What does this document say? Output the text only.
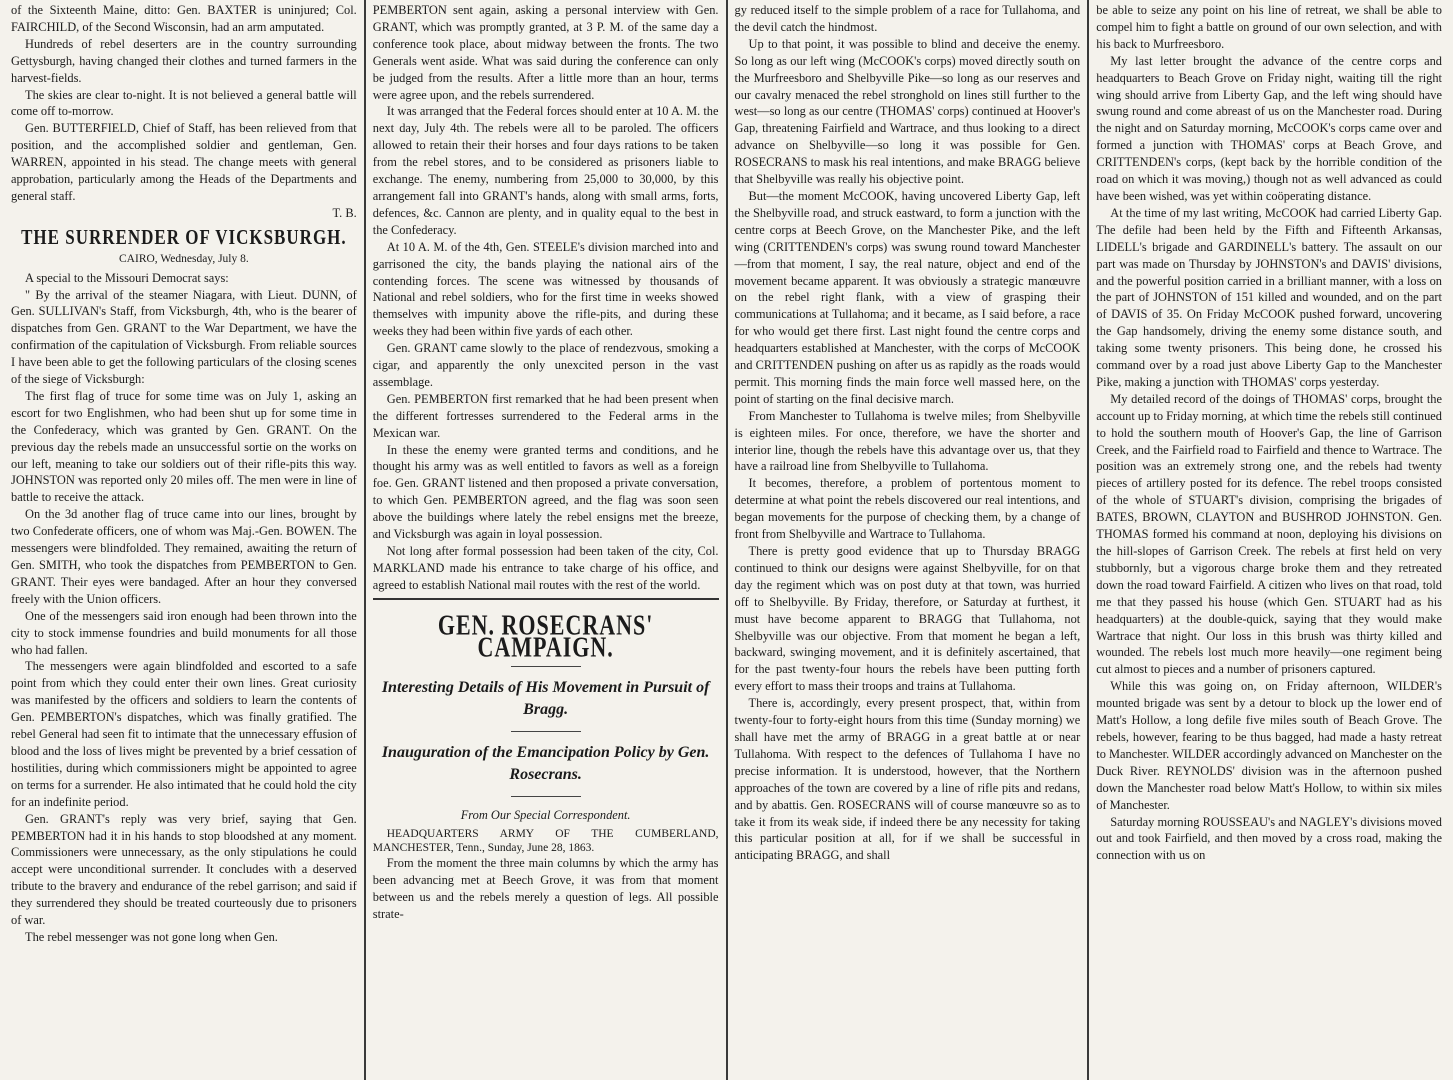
of the Sixteenth Maine, ditto: Gen. BAXTER is uninjured; Col. FAIRCHILD, of the Second Wisconsin, had an arm amputated.

Hundreds of rebel deserters are in the country surrounding Gettysburgh, having changed their clothes and turned farmers in the harvest-fields.

The skies are clear to-night. It is not believed a general battle will come off to-morrow.

Gen. BUTTERFIELD, Chief of Staff, has been relieved from that position, and the accomplished soldier and gentleman, Gen. WARREN, appointed in his stead. The change meets with general approbation, particularly among the Heads of the Departments and general staff.

T. B.

THE SURRENDER OF VICKSBURGH.
CAIRO, Wednesday, July 8.

A special to the Missouri Democrat says:

" By the arrival of the steamer Niagara, with Lieut. DUNN, of Gen. SULLIVAN's Staff, from Vicksburgh, 4th, who is the bearer of dispatches from Gen. GRANT to the War Department, we have the confirmation of the capitulation of Vicksburgh. From reliable sources I have been able to get the following particulars of the closing scenes of the siege of Vicksburgh:

The first flag of truce for some time was on July 1, asking an escort for two Englishmen, who had been shut up for some time in the Confederacy, which was granted by Gen. GRANT. On the previous day the rebels made an unsuccessful sortie on the works on our left, meaning to take our soldiers out of their rifle-pits this way. JOHNSTON was reported only 20 miles off. The men were in line of battle to receive the attack.

On the 3d another flag of truce came into our lines, brought by two Confederate officers, one of whom was Maj.-Gen. BOWEN. The messengers were blindfolded. They remained, awaiting the return of Gen. SMITH, who took the dispatches from PEMBERTON to Gen. GRANT. Their eyes were bandaged. After an hour they conversed freely with the Union officers.

One of the messengers said iron enough had been thrown into the city to stock immense foundries and build monuments for all those who had fallen.

The messengers were again blindfolded and escorted to a safe point from which they could enter their own lines. Great curiosity was manifested by the officers and soldiers to learn the contents of Gen. PEMBERTON's dispatches, which was finally gratified. The rebel General had seen fit to intimate that the unnecessary effusion of blood and the loss of lives might be prevented by a brief cessation of hostilities, during which commissioners might be appointed to agree on terms for a surrender. He also intimated that he could hold the city for an indefinite period.

Gen. GRANT's reply was very brief, saying that Gen. PEMBERTON had it in his hands to stop bloodshed at any moment. Commissioners were unnecessary, as the only stipulations he could accept were unconditional surrender. It concludes with a deserved tribute to the bravery and endurance of the rebel garrison; and said if they surrendered they should be treated courteously due to prisoners of war.

The rebel messenger was not gone long when Gen.

PEMBERTON sent again, asking a personal interview with Gen. GRANT, which was promptly granted, at 3 P. M. of the same day a conference took place, about midway between the fronts. The two Generals went aside. What was said during the conference can only be judged from the results. After a little more than an hour, terms were agree upon, and the rebels surrendered.

It was arranged that the Federal forces should enter at 10 A. M. the next day, July 4th. The rebels were all to be paroled. The officers allowed to retain their their horses and four days rations to be taken from the rebel stores, and to be considered as prisoners liable to exchange. The enemy, numbering from 25,000 to 30,000, by this arrangement fall into GRANT's hands, along with small arms, forts, defences, &c. Cannon are plenty, and in quality equal to the best in the Confederacy.

At 10 A. M. of the 4th, Gen. STEELE's division marched into and garrisoned the city, the bands playing the national airs of the contending forces. The scene was witnessed by thousands of National and rebel soldiers, who for the first time in weeks showed themselves with impunity above the rifle-pits, and during these weeks they had been within five yards of each other.

Gen. GRANT came slowly to the place of rendezvous, smoking a cigar, and apparently the only unexcited person in the vast assemblage.

Gen. PEMBERTON first remarked that he had been present when the different fortresses surrendered to the Federal arms in the Mexican war.

In these the enemy were granted terms and conditions, and he thought his army was as well entitled to favors as well as a foreign foe. Gen. GRANT listened and then proposed a private conversation, to which Gen. PEMBERTON agreed, and the flag was soon seen above the buildings where lately the rebel ensigns met the breeze, and Vicksburgh was again in loyal possession.

Not long after formal possession had been taken of the city, Col. MARKLAND made his entrance to take charge of his office, and agreed to establish National mail routes with the rest of the world.

GEN. ROSECRANS' CAMPAIGN.
Interesting Details of His Movement in Pursuit of Bragg.
Inauguration of the Emancipation Policy by Gen. Rosecrans.
From Our Special Correspondent.

HEADQUARTERS ARMY OF THE CUMBERLAND, MANCHESTER, Tenn., Sunday, June 28, 1863.

From the moment the three main columns by which the army has been advancing met at Beech Grove, it was from that moment between us and the rebels merely a question of legs. All possible strate-

gy reduced itself to the simple problem of a race for Tullahoma, and the devil catch the hindmost.

Up to that point, it was possible to blind and deceive the enemy. So long as our left wing (McCOOK's corps) moved directly south on the Murfreesboro and Shelbyville Pike—so long as our reserves and our cavalry menaced the rebel stronghold on lines still further to the west—so long as our centre (THOMAS' corps) continued at Hoover's Gap, threatening Fairfield and Wartrace, and thus looking to a direct advance on Shelbyville—so long it was possible for Gen. ROSECRANS to mask his real intentions, and make BRAGG believe that Shelbyville was really his objective point.

But—the moment McCOOK, having uncovered Liberty Gap, left the Shelbyville road, and struck eastward, to form a junction with the centre corps at Beech Grove, on the Manchester Pike, and the left wing (CRITTENDEN's corps) was swung round toward Manchester—from that moment, I say, the real nature, object and end of the movement became apparent. It was obviously a strategic manœuvre on the rebel right flank, with a view of grasping their communications at Tullahoma; and it became, as I said before, a race for who would get there first. Last night found the centre corps and headquarters established at Manchester, with the corps of McCOOK and CRITTENDEN pushing on after us as rapidly as the roads would permit. This morning finds the main force well massed here, on the point of starting on the final decisive march.

From Manchester to Tullahoma is twelve miles; from Shelbyville is eighteen miles. For once, therefore, we have the shorter and interior line, though the rebels have this advantage over us, that they have a railroad line from Shelbyville to Tullahoma.

It becomes, therefore, a problem of portentous moment to determine at what point the rebels discovered our real intentions, and began movements for the purpose of checking them, by a change of front from Shelbyville and Wartrace to Tullahoma.

There is pretty good evidence that up to Thursday BRAGG continued to think our designs were against Shelbyville, for on that day the regiment which was on post duty at that town, was hurried off to Shelbyville. By Friday, therefore, or Saturday at furthest, it must have become apparent to BRAGG that Tullahoma, not Shelbyville was our objective. From that moment he began a left, backward, swinging movement, and it is definitely ascertained, that for the past twenty-four hours the rebels have been putting forth every effort to mass their troops and trains at Tullahoma.

There is, accordingly, every present prospect, that, within from twenty-four to forty-eight hours from this time (Sunday morning) we shall have met the army of BRAGG in a great battle at or near Tullahoma. With respect to the defences of Tullahoma I have no precise information. It is understood, however, that the Northern approaches of the town are covered by a line of rifle pits and redans, and by abattis. Gen. ROSECRANS will of course manœuvre so as to take it from its weak side, if indeed there be any necessity for taking this particular position at all, for if we shall be successful in anticipating BRAGG, and shall

be able to seize any point on his line of retreat, we shall be able to compel him to fight a battle on ground of our own selection, and with his back to Murfreesboro.

My last letter brought the advance of the centre corps and headquarters to Beach Grove on Friday night, waiting till the right wing should arrive from Liberty Gap, and the left wing should have swung round and come abreast of us on the Manchester road. During the night and on Saturday morning, McCOOK's corps came over and formed a junction with THOMAS' corps at Beach Grove, and CRITTENDEN's corps, (kept back by the horrible condition of the road on which it was moving,) though not as well advanced as could have been wished, was yet within coöperating distance.

At the time of my last writing, McCOOK had carried Liberty Gap. The defile had been held by the Fifth and Fifteenth Arkansas, LIDELL's brigade and GARDINELL's battery. The assault on our part was made on Thursday by JOHNSTON's and DAVIS' divisions, and the powerful position carried in a brilliant manner, with a loss on the part of JOHNSTON of 151 killed and wounded, and on the part of DAVIS of 35. On Friday McCOOK pushed forward, uncovering the Gap handsomely, driving the enemy some distance south, and taking some twenty prisoners. This being done, he crossed his command over by a road just above Liberty Gap to the Manchester Pike, making a junction with THOMAS' corps yesterday.

My detailed record of the doings of THOMAS' corps, brought the account up to Friday morning, at which time the rebels still continued to hold the southern mouth of Hoover's Gap, the line of Garrison Creek, and the Fairfield road to Fairfield and thence to Wartrace. The position was an extremely strong one, and the rebels had twenty pieces of artillery posted for its defence. The rebel troops consisted of the whole of STUART's division, comprising the brigades of BATES, BROWN, CLAYTON and BUSHROD JOHNSTON. Gen. THOMAS formed his command at noon, deploying his divisions on the hill-slopes of Garrison Creek. The rebels at first held on very stubbornly, but a vigorous charge broke them and they retreated down the road toward Fairfield. A citizen who lives on that road, told me that they passed his house (which Gen. STUART had as his headquarters) at the double-quick, saying that they would make Wartrace that night. Our loss in this brush was thirty killed and wounded. The rebels lost much more heavily—one regiment being cut almost to pieces and a number of prisoners captured.

While this was going on, on Friday afternoon, WILDER's mounted brigade was sent by a detour to block up the lower end of Matt's Hollow, a long defile five miles south of Beach Grove. The rebels, however, fearing to be thus bagged, had made a hasty retreat to Manchester. WILDER accordingly advanced on Manchester on the Duck River. REYNOLDS' division was in the afternoon pushed down the Manchester road below Matt's Hollow, to within six miles of Manchester.

Saturday morning ROUSSEAU's and NAGLEY's divisions moved out and took Fairfield, and then moved by a cross road, making the connection with us on
